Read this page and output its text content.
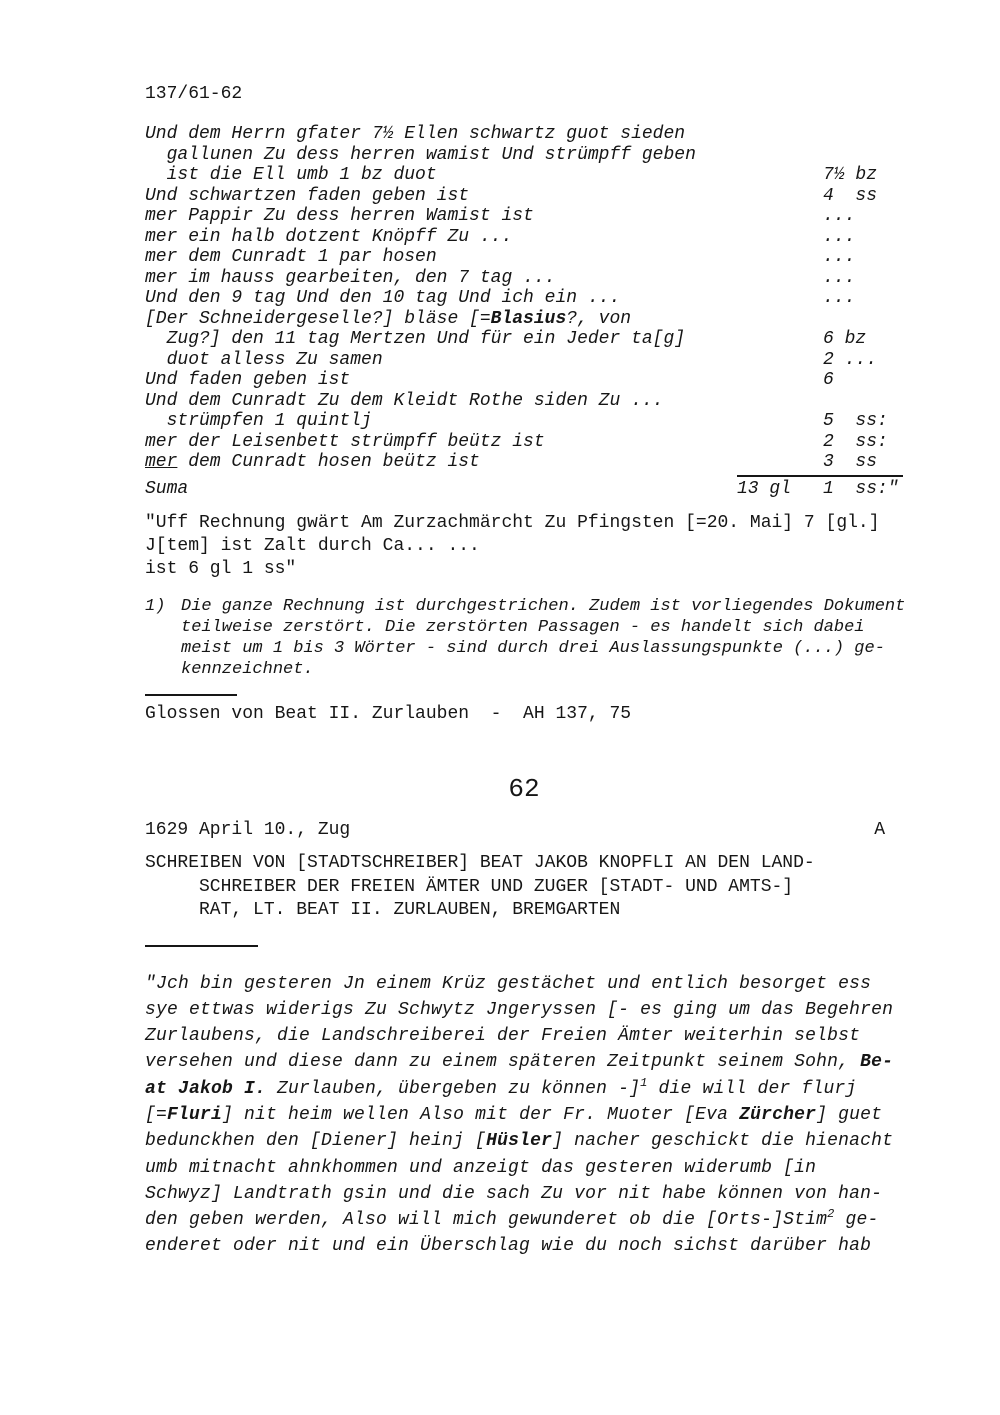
137/61-62
Und dem Herrn gfater 7½ Ellen schwartz guot sieden
gallunen Zu dess herren wamist Und strümpff geben
ist die Ell umb 1 bz duot	7½ bz
Und schwartzen faden geben ist	4  ss
mer Pappir Zu dess herren Wamist ist	...
mer ein halb dotzent Knöpff Zu ...	...
mer dem Cunradt 1 par hosen	...
mer im hauss gearbeiten, den 7 tag ...	...
Und den 9 tag Und den 10 tag Und ich ein ...	...
[Der Schneidergeselle?] bläse [=Blasius?, von
Zug?] den 11 tag Mertzen Und für ein Jeder ta[g]	6 bz
duot alless Zu samen	2 ...
Und faden geben ist	6
Und dem Cunradt Zu dem Kleidt Rothe siden Zu ...
strümpfen 1 quintlj	5  ss:
mer der Leisenbett strümpff beütz ist	2  ss:
mer dem Cunradt hosen beütz ist	3  ss
Suma	13 gl	1  ss:"
"Uff Rechnung gwärt Am Zurzachmärcht Zu Pfingsten [=20. Mai] 7 [gl.]
J[tem] ist Zalt durch Ca... ...
ist 6 gl 1 ss"
1) Die ganze Rechnung ist durchgestrichen. Zudem ist vorliegendes Dokument
teilweise zerstört. Die zerstörten Passagen - es handelt sich dabei
meist um 1 bis 3 Wörter - sind durch drei Auslassungspunkte (...) ge-
kennzeichnet.
Glossen von Beat II. Zurlauben  -  AH 137, 75
62
1629 April 10., Zug	A
SCHREIBEN VON [STADTSCHREIBER] BEAT JAKOB KNOPFLI AN DEN LAND-
SCHREIBER DER FREIEN ÄMTER UND ZUGER [STADT- UND AMTS-]
RAT, LT. BEAT II. ZURLAUBEN, BREMGARTEN
"Jch bin gesteren Jn einem Krüz gestächet und entlich besorget ess
sye ettwas widerigs Zu Schwytz Jngeryssen [- es ging um das Begehren
Zurlaubens, die Landschreiberei der Freien Ämter weiterhin selbst
versehen und diese dann zu einem späteren Zeitpunkt seinem Sohn, Be-
at Jakob I. Zurlauben, übergeben zu können -]$^1$ die will der flurj
[=Fluri] nit heim wellen Also mit der Fr. Muoter [Eva Zürcher] guet
bedunckhen den [Diener] heinj [Hüsler] nacher geschickt die hienacht
umb mitnacht ahnkhommen und anzeigt das gesteren widerumb [in
Schwyz] Landtrath gsin und die sach Zu vor nit habe können von han-
den geben werden, Also will mich gewunderet ob die [Orts-]Stim$^2$ ge-
enderet oder nit und ein Überschlag wie du noch sichst darüber hab
